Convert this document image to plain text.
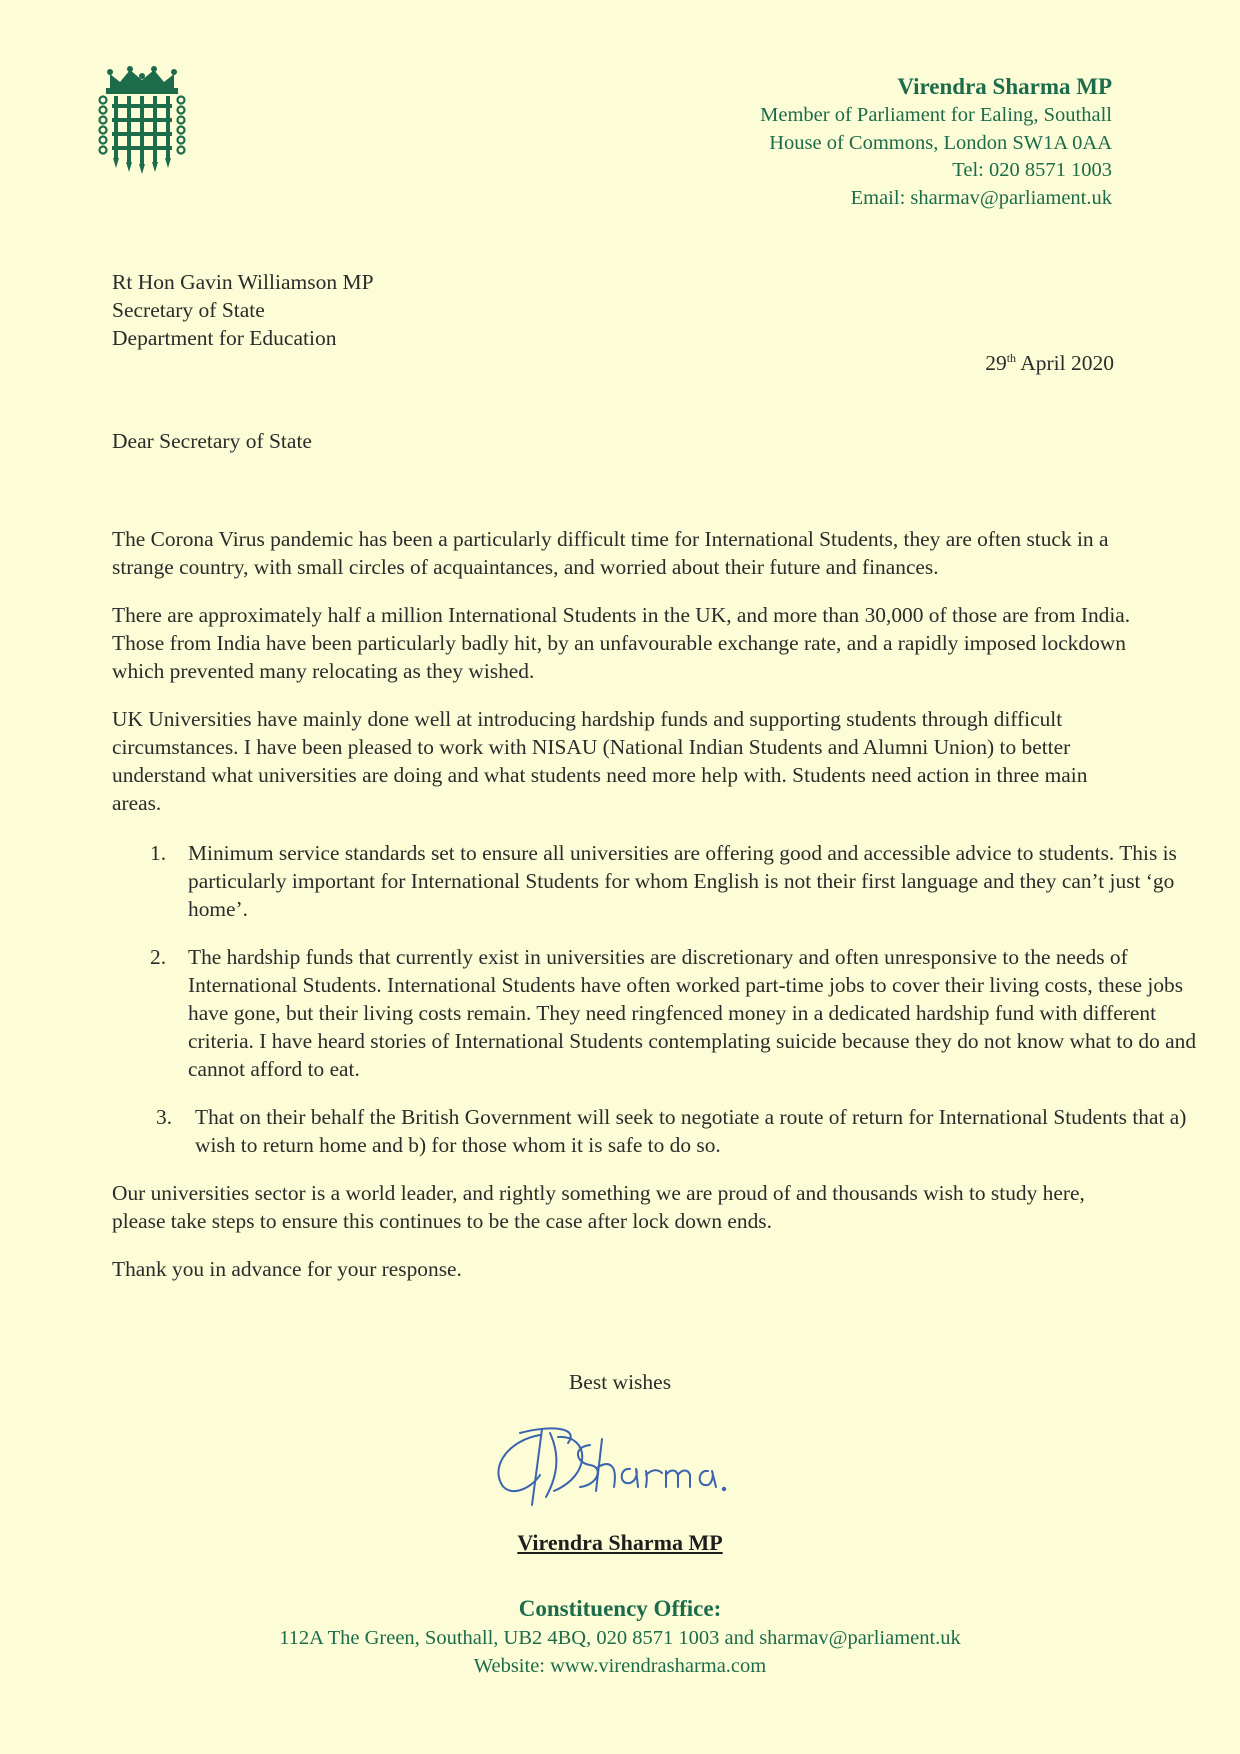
Virendra Sharma MP
Member of Parliament for Ealing, Southall
House of Commons, London SW1A 0AA
Tel: 020 8571 1003
Email: sharmav@parliament.uk
Rt Hon Gavin Williamson MP
Secretary of State
Department for Education
29th April 2020
Dear Secretary of State

The Corona Virus pandemic has been a particularly difficult time for International Students, they are often stuck in a strange country, with small circles of acquaintances, and worried about their future and finances.

There are approximately half a million International Students in the UK, and more than 30,000 of those are from India. Those from India have been particularly badly hit, by an unfavourable exchange rate, and a rapidly imposed lockdown which prevented many relocating as they wished.

UK Universities have mainly done well at introducing hardship funds and supporting students through difficult circumstances. I have been pleased to work with NISAU (National Indian Students and Alumni Union) to better understand what universities are doing and what students need more help with. Students need action in three main areas.

1. Minimum service standards set to ensure all universities are offering good and accessible advice to students. This is particularly important for International Students for whom English is not their first language and they can’t just ‘go home’.
2. The hardship funds that currently exist in universities are discretionary and often unresponsive to the needs of International Students. International Students have often worked part-time jobs to cover their living costs, these jobs have gone, but their living costs remain. They need ringfenced money in a dedicated hardship fund with different criteria. I have heard stories of International Students contemplating suicide because they do not know what to do and cannot afford to eat.
3. That on their behalf the British Government will seek to negotiate a route of return for International Students that a) wish to return home and b) for those whom it is safe to do so.

Our universities sector is a world leader, and rightly something we are proud of and thousands wish to study here, please take steps to ensure this continues to be the case after lock down ends.

Thank you in advance for your response.

Best wishes
Virendra Sharma MP
Constituency Office:
112A The Green, Southall, UB2 4BQ, 020 8571 1003 and sharmav@parliament.uk
Website: www.virendrasharma.com
